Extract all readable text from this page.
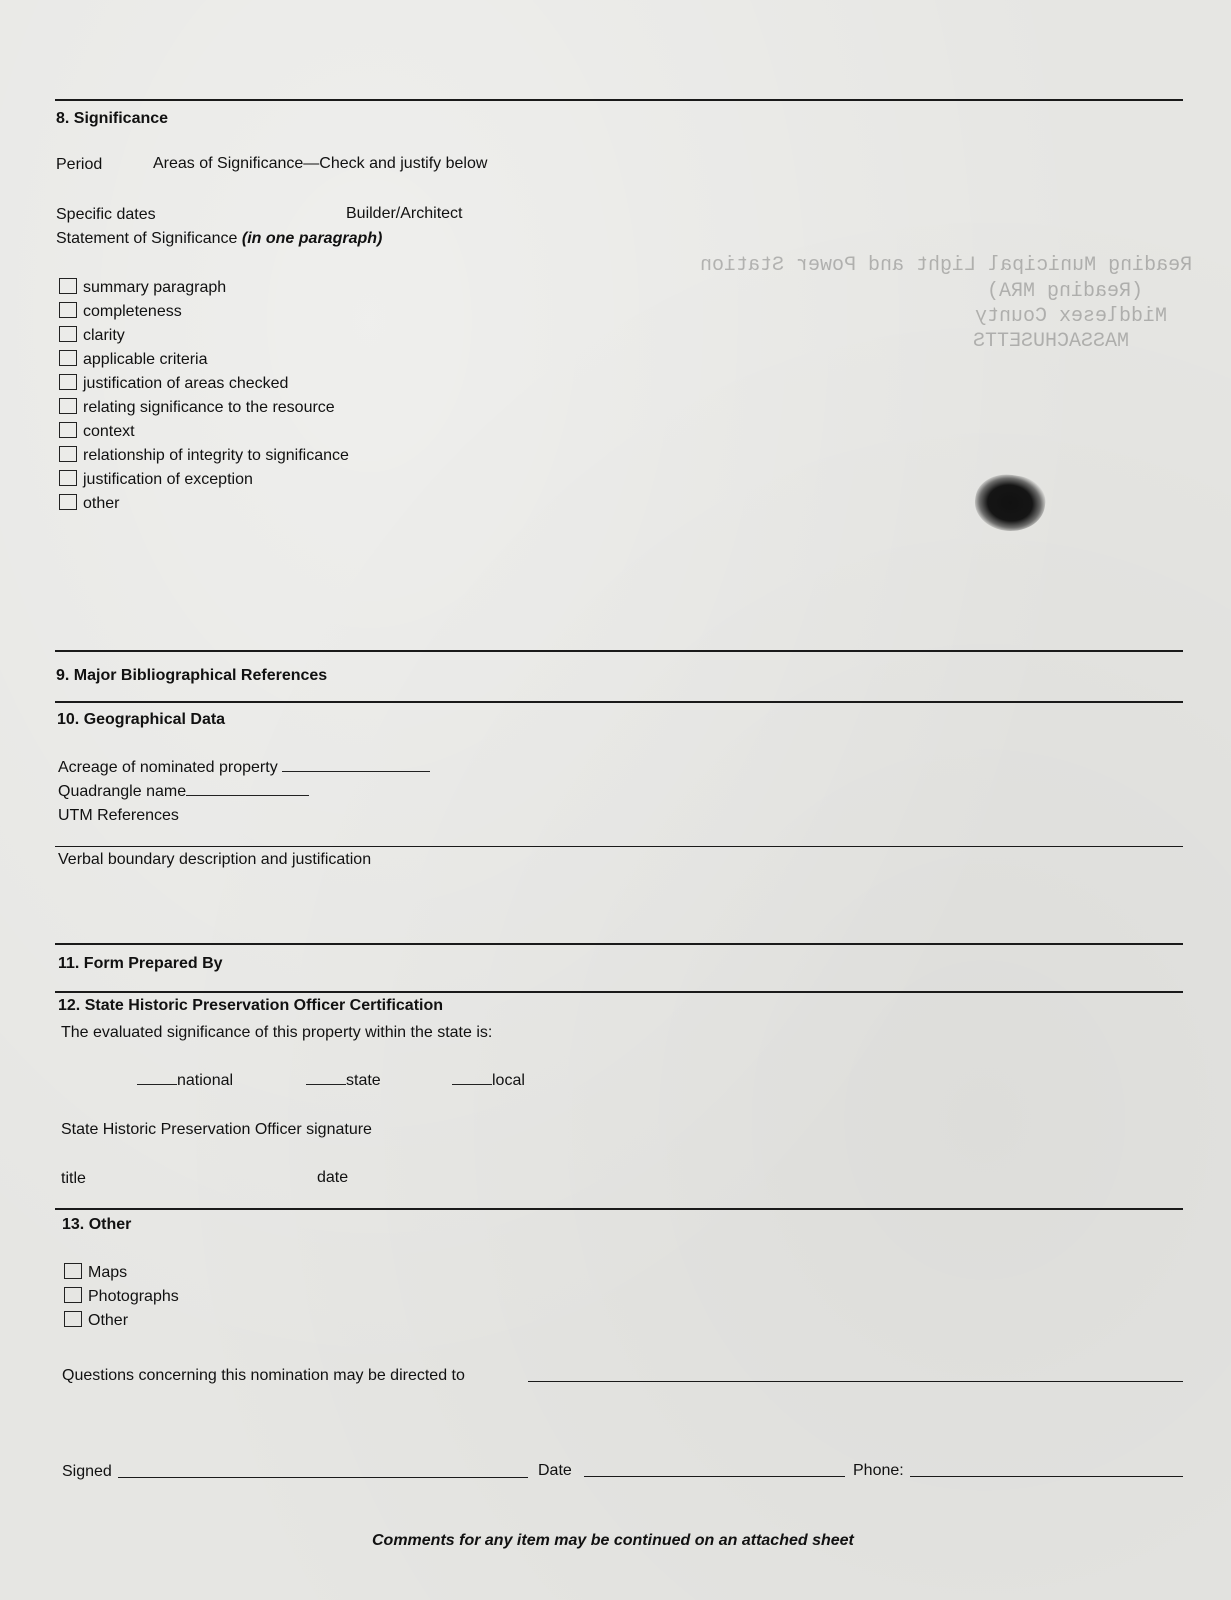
Reading Municipal Light and Power Station
(Reading MRA)
Middlesex County
MASSACHUSETTS
8. Significance
Period	Areas of Significance—Check and justify below
Specific dates	Builder/Architect
Statement of Significance (in one paragraph)
summary paragraph
completeness
clarity
applicable criteria
justification of areas checked
relating significance to the resource
context
relationship of integrity to significance
justification of exception
other
9. Major Bibliographical References
10. Geographical Data
Acreage of nominated property
Quadrangle name
UTM References
Verbal boundary description and justification
11. Form Prepared By
12. State Historic Preservation Officer Certification
The evaluated significance of this property within the state is:
national	state	local
State Historic Preservation Officer signature
title	date
13. Other
Maps
Photographs
Other
Questions concerning this nomination may be directed to
Signed	Date	Phone:
Comments for any item may be continued on an attached sheet
